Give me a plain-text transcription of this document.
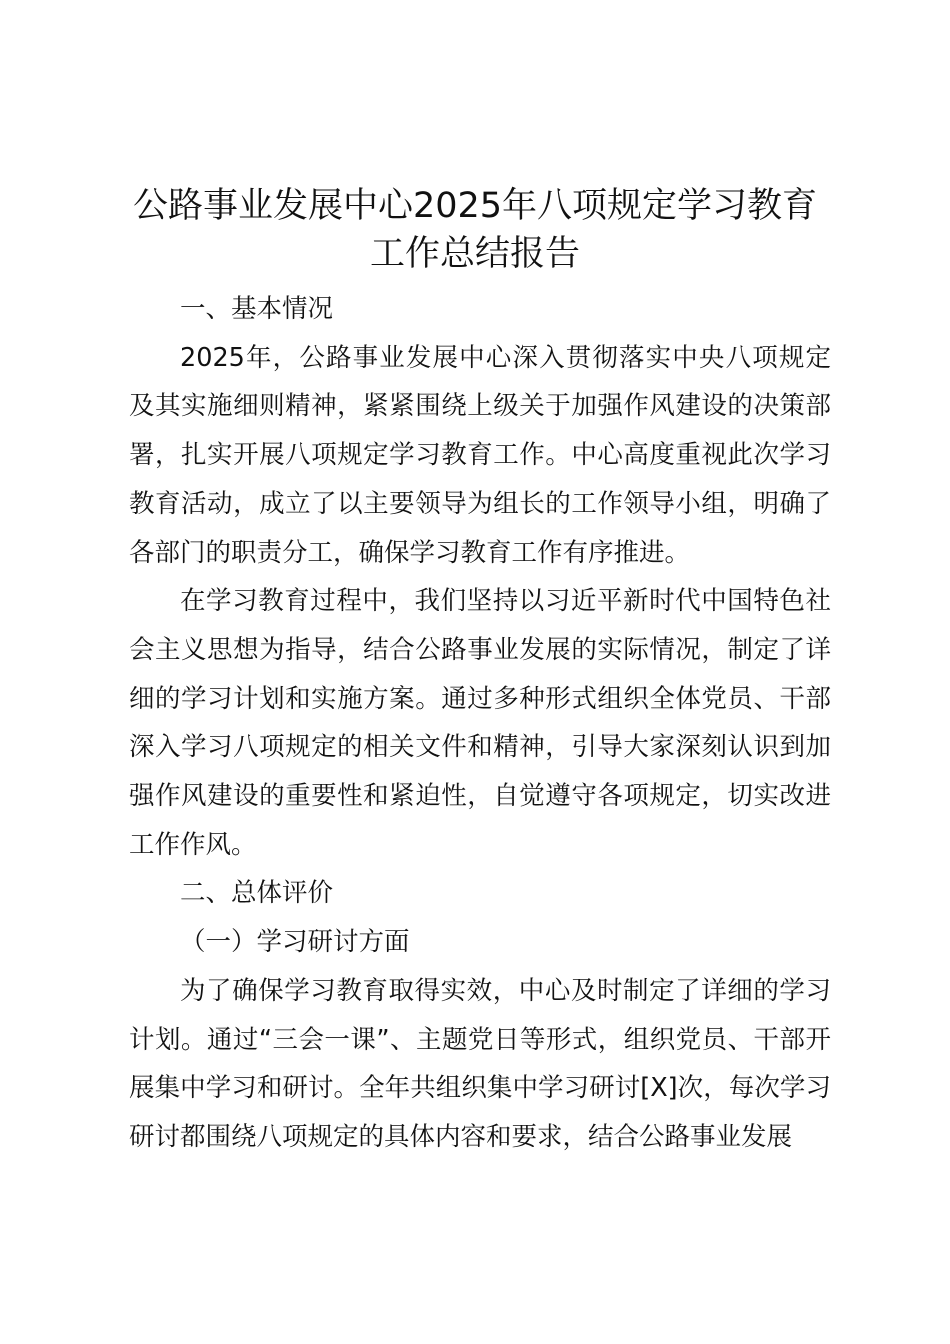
公路事业发展中心2025年八项规定学习教育工作总结报告

一、基本情况

2025年，公路事业发展中心深入贯彻落实中央八项规定及其实施细则精神，紧紧围绕上级关于加强作风建设的决策部署，扎实开展八项规定学习教育工作。中心高度重视此次学习教育活动，成立了以主要领导为组长的工作领导小组，明确了各部门的职责分工，确保学习教育工作有序推进。

在学习教育过程中，我们坚持以习近平新时代中国特色社会主义思想为指导，结合公路事业发展的实际情况，制定了详细的学习计划和实施方案。通过多种形式组织全体党员、干部深入学习八项规定的相关文件和精神，引导大家深刻认识到加强作风建设的重要性和紧迫性，自觉遵守各项规定，切实改进工作作风。

二、总体评价

（一）学习研讨方面

为了确保学习教育取得实效，中心及时制定了详细的学习计划。通过“三会一课”、主题党日等形式，组织党员、干部开展集中学习和研讨。全年共组织集中学习研讨[X]次，每次学习研讨都围绕八项规定的具体内容和要求，结合公路事业发展
